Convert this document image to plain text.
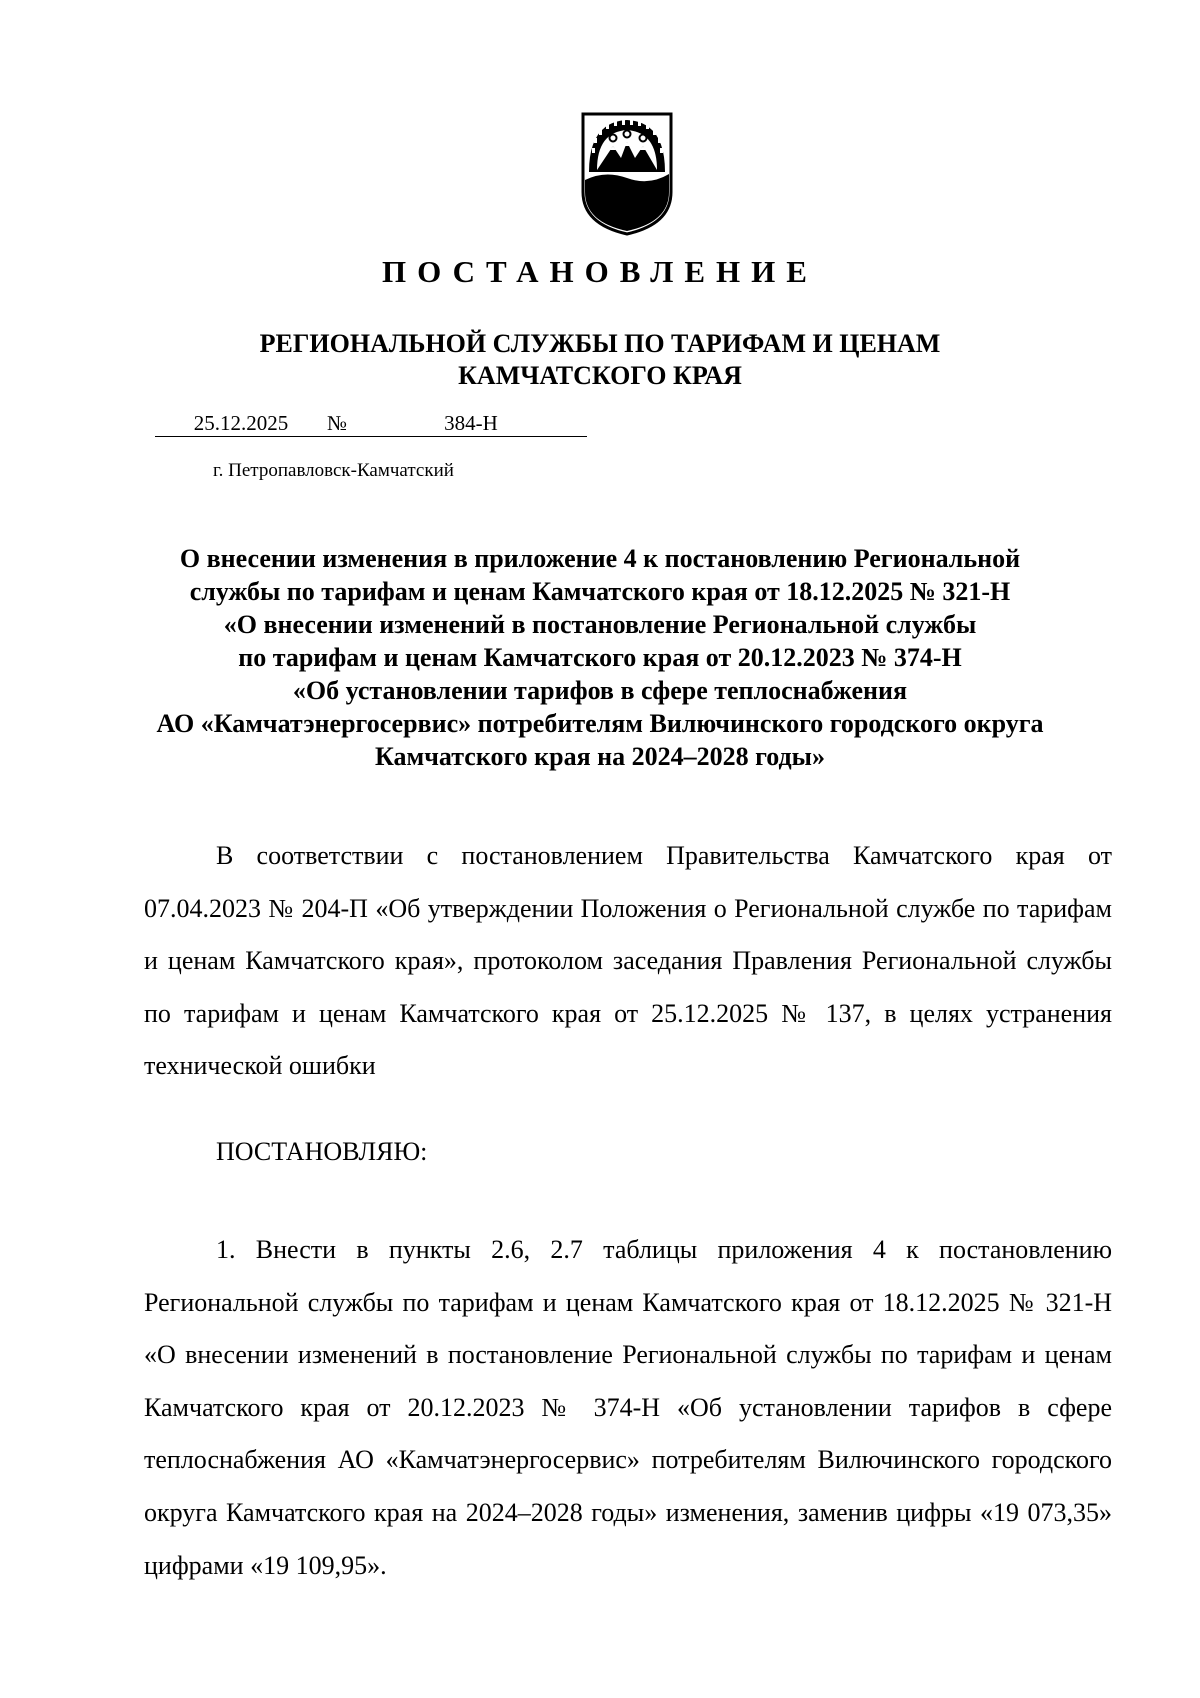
ПОСТАНОВЛЕНИЕ
РЕГИОНАЛЬНОЙ СЛУЖБЫ ПО ТАРИФАМ И ЦЕНАМ
КАМЧАТСКОГО КРАЯ
25.12.2025 №	384-Н
г. Петропавловск-Камчатский
О внесении изменения в приложение 4 к постановлению Региональной
службы по тарифам и ценам Камчатского края от 18.12.2025 № 321-Н
«О внесении изменений в постановление Региональной службы
по тарифам и ценам Камчатского края от 20.12.2023 № 374-Н
«Об установлении тарифов в сфере теплоснабжения
АО «Камчатэнергосервис» потребителям Вилючинского городского округа
Камчатского края на 2024–2028 годы»

В соответствии с постановлением Правительства Камчатского края от 07.04.2023 № 204-П «Об утверждении Положения о Региональной службе по тарифам и ценам Камчатского края», протоколом заседания Правления Региональной службы по тарифам и ценам Камчатского края от 25.12.2025 № 137, в целях устранения технической ошибки

ПОСТАНОВЛЯЮ:

1. Внести в пункты 2.6, 2.7 таблицы приложения 4 к постановлению Региональной службы по тарифам и ценам Камчатского края от 18.12.2025 № 321-Н «О внесении изменений в постановление Региональной службы по тарифам и ценам Камчатского края от 20.12.2023 № 374-Н «Об установлении тарифов в сфере теплоснабжения АО «Камчатэнергосервис» потребителям Вилючинского городского округа Камчатского края на 2024–2028 годы» изменения, заменив цифры «19 073,35» цифрами «19 109,95».
